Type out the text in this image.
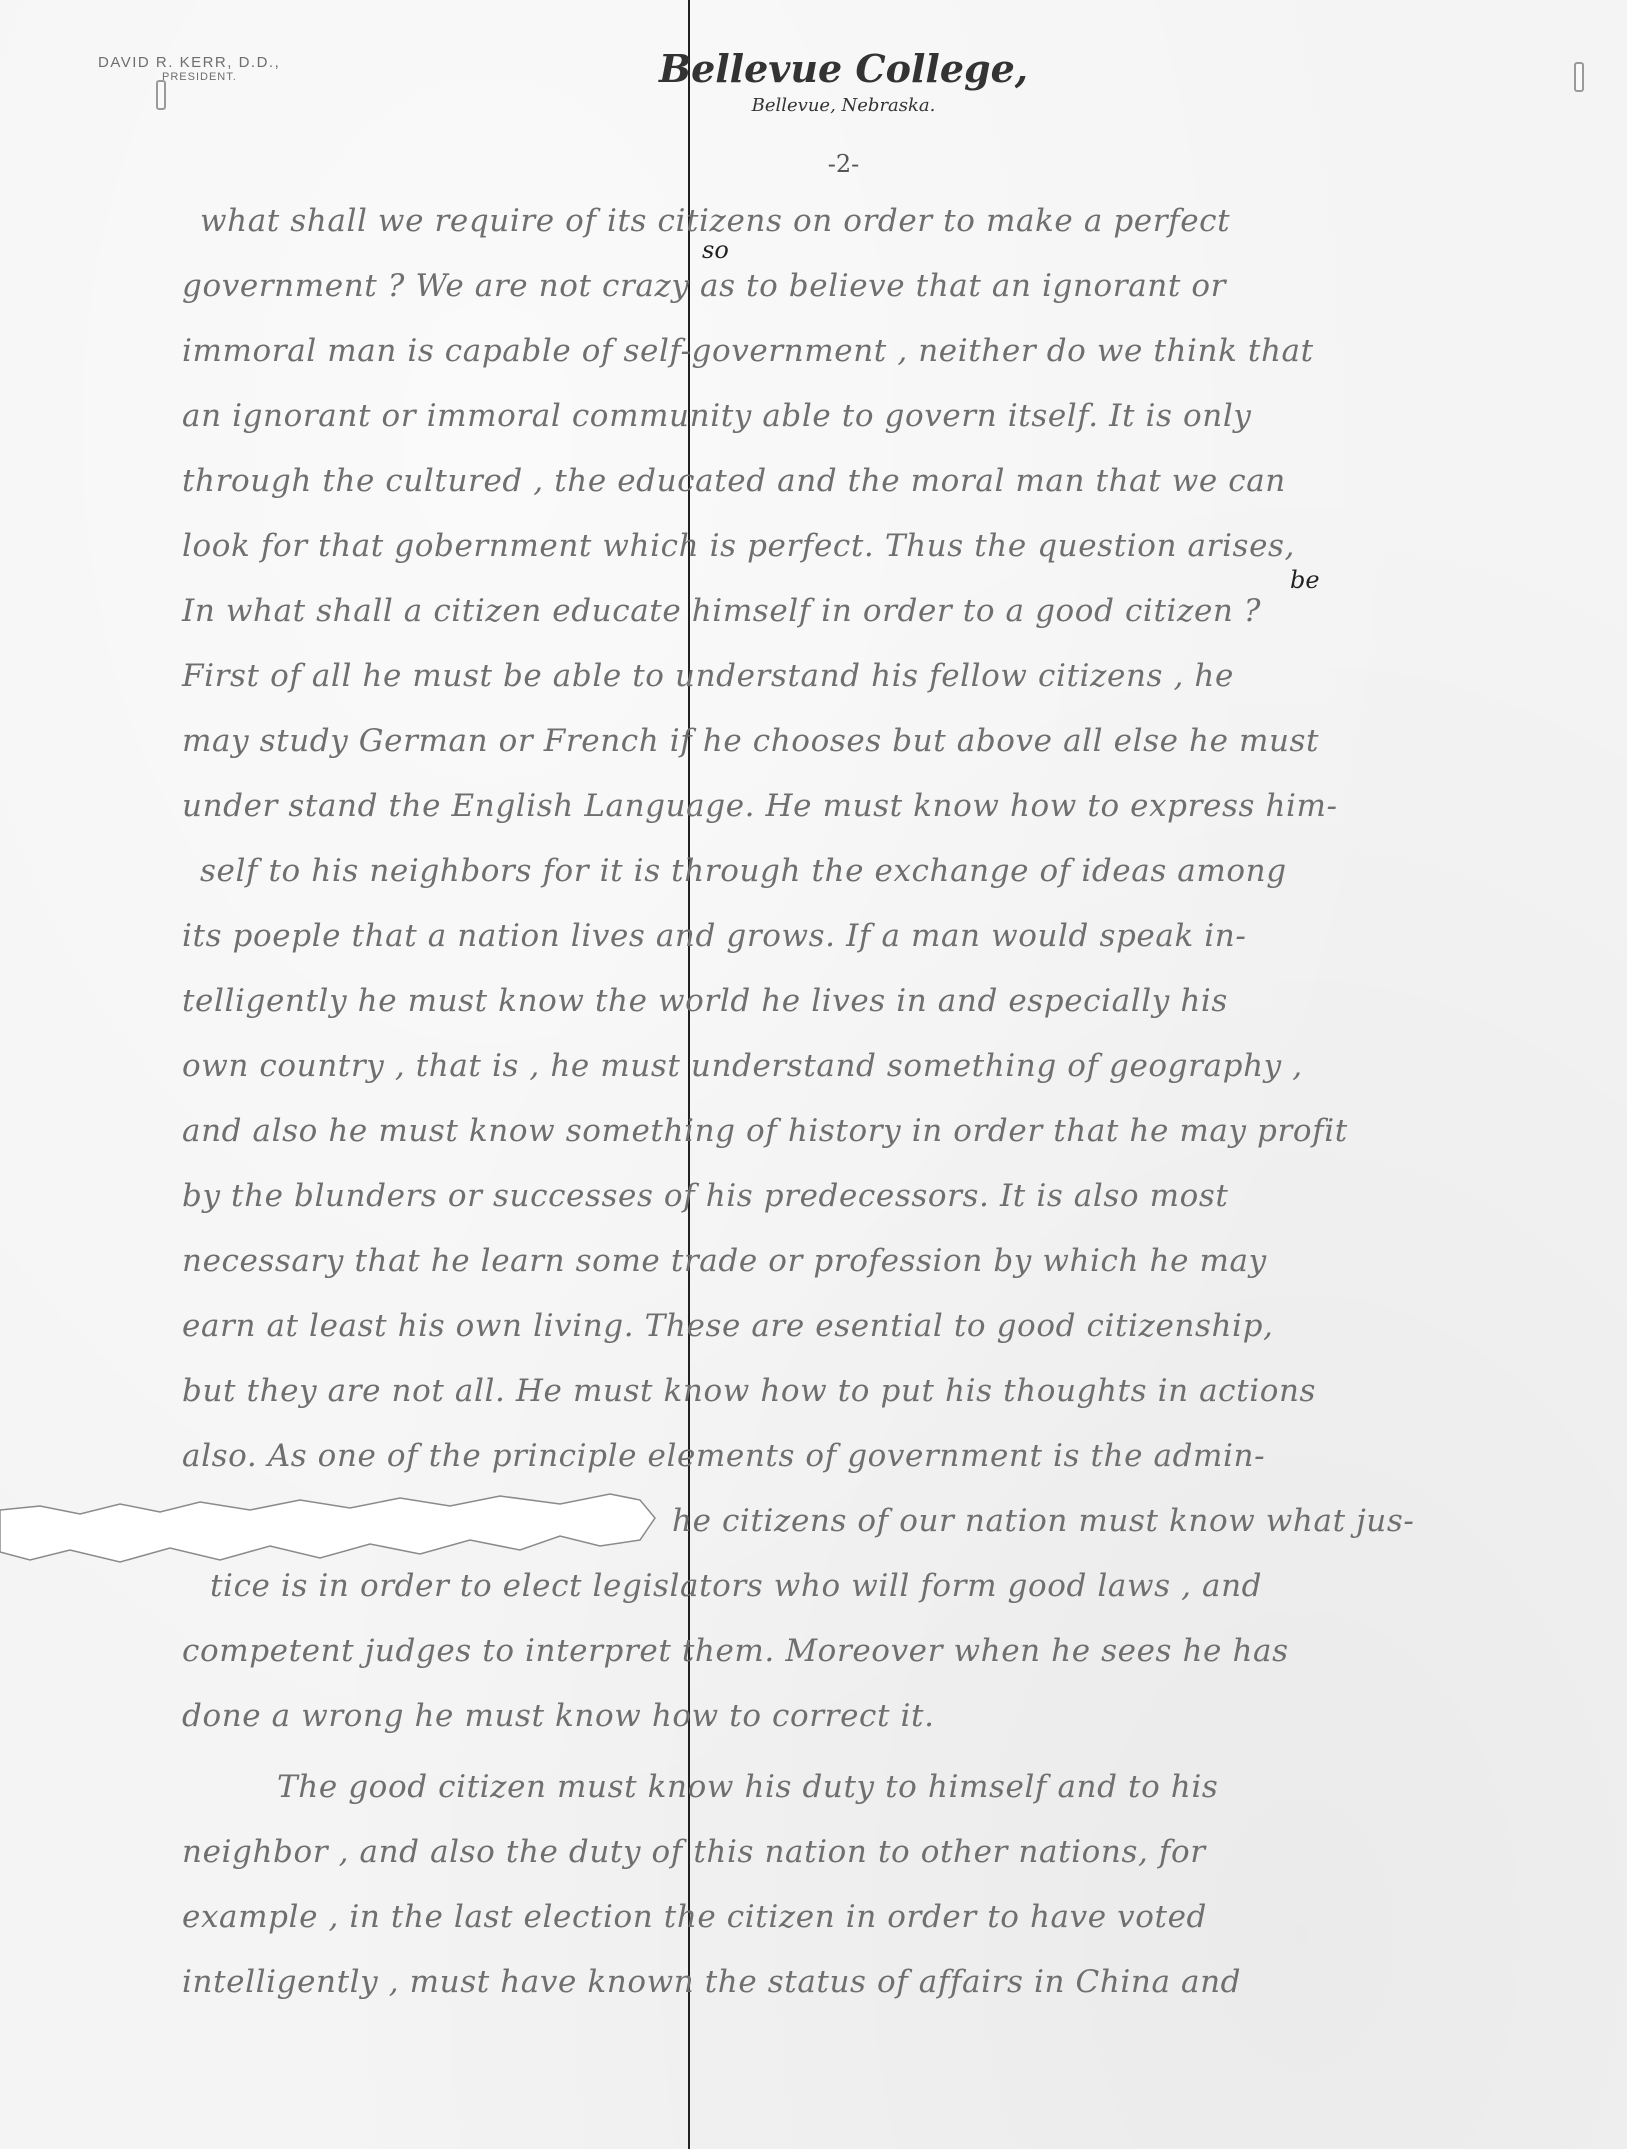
DAVID R. KERR, D.D.,
PRESIDENT.	Bellevue College,
Bellevue, Nebraska.
-2-
what shall we require of its citizens on order to make a perfect
government ? We are not crazy as to believe that an ignorant or
immoral man is capable of self-government , neither do we think that
an ignorant or immoral community able to govern itself. It is only
through the cultured , the educated and the moral man that we can
look for that gobernment which is perfect. Thus the question arises,
In what shall a citizen educate himself in order to a good citizen ?
First of all he must be able to understand his fellow citizens , he
may study German or French if he chooses but above all else he must
under stand the English Language. He must know how to express him-
self to his neighbors for it is through the exchange of ideas among
its poeple that a nation lives and grows. If a man would speak in-
telligently he must know the world he lives in and especially his
own country , that is , he must understand something of geography ,
and also he must know something of history in order that he may profit
by the blunders or successes of his predecessors. It is also most
necessary that he learn some trade or profession by which he may
earn at least his own living. These are esential to good citizenship,
but they are not all. He must know how to put his thoughts in actions
also. As one of the principle elements of government is the admin-
he citizens of our nation must know what jus-
tice is in order to elect legislators who will form good laws , and
competent judges to interpret them. Moreover when he sees he has
done a wrong he must know how to correct it.
The good citizen must know his duty to himself and to his
neighbor , and also the duty of this nation to other nations, for
example , in the last election the citizen in order to have voted
intelligently , must have known the status of affairs in China and
so
be
